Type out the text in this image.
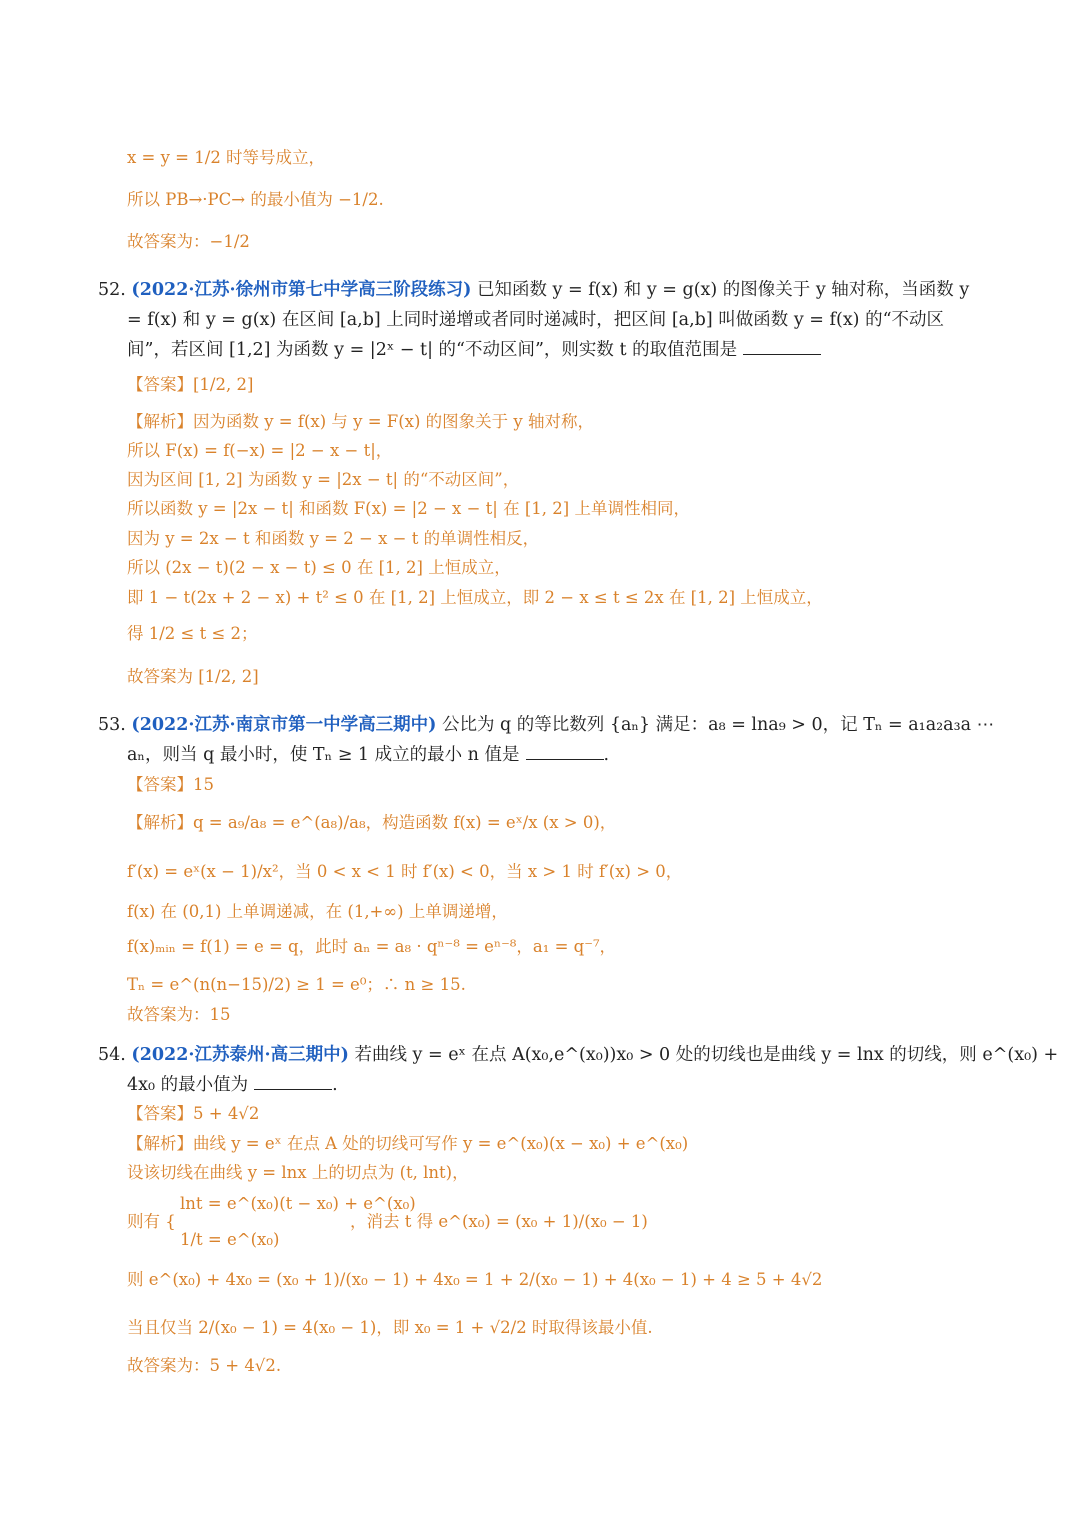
x = y = 1/2 时等号成立，
所以 PB→·PC→ 的最小值为 −1/2.
故答案为：−1/2
52. (2022·江苏·徐州市第七中学高三阶段练习) 已知函数 y = f(x) 和 y = g(x) 的图像关于 y 轴对称，当函数 y
= f(x) 和 y = g(x) 在区间 [a,b] 上同时递增或者同时递减时，把区间 [a,b] 叫做函数 y = f(x) 的“不动区
间”，若区间 [1,2] 为函数 y = |2ˣ − t| 的“不动区间”，则实数 t 的取值范围是
【答案】[1/2, 2]
【解析】因为函数 y = f(x) 与 y = F(x) 的图象关于 y 轴对称，
所以 F(x) = f(−x) = |2 − x − t|，
因为区间 [1, 2] 为函数 y = |2x − t| 的“不动区间”，
所以函数 y = |2x − t| 和函数 F(x) = |2 − x − t| 在 [1, 2] 上单调性相同，
因为 y = 2x − t 和函数 y = 2 − x − t 的单调性相反，
所以 (2x − t)(2 − x − t) ≤ 0 在 [1, 2] 上恒成立，
即 1 − t(2x + 2 − x) + t² ≤ 0 在 [1, 2] 上恒成立，即 2 − x ≤ t ≤ 2x 在 [1, 2] 上恒成立，
得 1/2 ≤ t ≤ 2；
故答案为 [1/2, 2]
53. (2022·江苏·南京市第一中学高三期中) 公比为 q 的等比数列 {aₙ} 满足：a₈ = lna₉ > 0，记 Tₙ = a₁a₂a₃a ⋯
aₙ，则当 q 最小时，使 Tₙ ≥ 1 成立的最小 n 值是	.
【答案】15
【解析】q = a₉/a₈ = e^(a₈)/a₈，构造函数 f(x) = eˣ/x (x > 0)，
f′(x) = eˣ(x − 1)/x²，当 0 < x < 1 时 f′(x) < 0，当 x > 1 时 f′(x) > 0，
f(x) 在 (0,1) 上单调递减，在 (1,+∞) 上单调递增，
f(x)ₘᵢₙ = f(1) = e = q，此时 aₙ = a₈ · qⁿ⁻⁸ = eⁿ⁻⁸，a₁ = q⁻⁷，
Tₙ = e^(n(n−15)/2) ≥ 1 = e⁰；∴ n ≥ 15.
故答案为：15
54. (2022·江苏泰州·高三期中) 若曲线 y = eˣ 在点 A(x₀,e^(x₀))x₀ > 0 处的切线也是曲线 y = lnx 的切线，则 e^(x₀) +
4x₀ 的最小值为	.
【答案】5 + 4√2
【解析】曲线 y = eˣ 在点 A 处的切线可写作 y = e^(x₀)(x − x₀) + e^(x₀)
设该切线在曲线 y = lnx 上的切点为 (t, lnt)，
lnt = e^(x₀)(t − x₀) + e^(x₀)
则有 {
1/t = e^(x₀)
，消去 t 得 e^(x₀) = (x₀ + 1)/(x₀ − 1)
则 e^(x₀) + 4x₀ = (x₀ + 1)/(x₀ − 1) + 4x₀ = 1 + 2/(x₀ − 1) + 4(x₀ − 1) + 4 ≥ 5 + 4√2
当且仅当 2/(x₀ − 1) = 4(x₀ − 1)，即 x₀ = 1 + √2/2 时取得该最小值.
故答案为：5 + 4√2.
